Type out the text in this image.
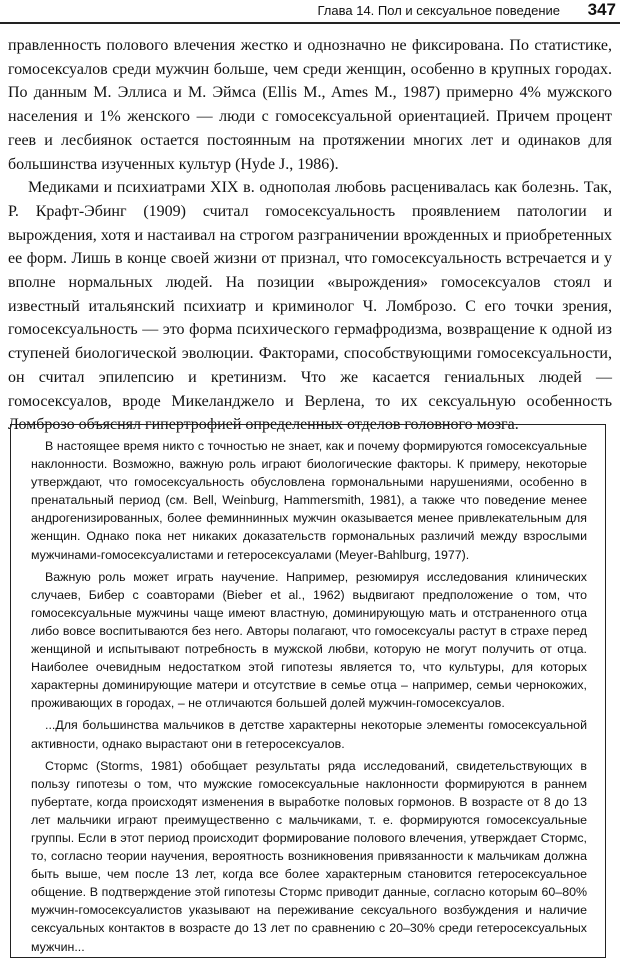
Глава 14. Пол и сексуальное поведение 347

правленность полового влечения жестко и однозначно не фиксирована. По статистике, гомосексуалов среди мужчин больше, чем среди женщин, особенно в крупных городах. По данным М. Эллиса и М. Эймса (Ellis M., Ames M., 1987) примерно 4% мужского населения и 1% женского — люди с гомосексуальной ориентацией. Причем процент геев и лесбиянок остается постоянным на протяжении многих лет и одинаков для большинства изученных культур (Hyde J., 1986).

Медиками и психиатрами XIX в. однополая любовь расценивалась как болезнь. Так, Р. Крафт-Эбинг (1909) считал гомосексуальность проявлением патологии и вырождения, хотя и настаивал на строгом разграничении врожденных и приобретенных ее форм. Лишь в конце своей жизни от признал, что гомосексуальность встречается и у вполне нормальных людей. На позиции «вырождения» гомосексуалов стоял и известный итальянский психиатр и криминолог Ч. Ломброзо. С его точки зрения, гомосексуальность — это форма психического гермафродизма, возвращение к одной из ступеней биологической эволюции. Факторами, способствующими гомосексуальности, он считал эпилепсию и кретинизм. Что же касается гениальных людей — гомосексуалов, вроде Микеланджело и Верлена, то их сексуальную особенность Ломброзо объяснял гипертрофией определенных отделов головного мозга.

В настоящее время никто с точностью не знает, как и почему формируются гомосексуальные наклонности. Возможно, важную роль играют биологические факторы. К примеру, некоторые утверждают, что гомосексуальность обусловлена гормональными нарушениями, особенно в пренатальный период (см. Bell, Weinburg, Hammersmith, 1981), а также что поведение менее андрогенизированных, более феминнинных мужчин оказывается менее привлекательным для женщин. Однако пока нет никаких доказательств гормональных различий между взрослыми мужчинами-гомосексуалистами и гетеросексуалами (Meyer-Bahlburg, 1977).

Важную роль может играть научение. Например, резюмируя исследования клинических случаев, Бибер с соавторами (Bieber et al., 1962) выдвигают предположение о том, что гомосексуальные мужчины чаще имеют властную, доминирующую мать и отстраненного отца либо вовсе воспитываются без него. Авторы полагают, что гомосексуалы растут в страхе перед женщиной и испытывают потребность в мужской любви, которую не могут получить от отца. Наиболее очевидным недостатком этой гипотезы является то, что культуры, для которых характерны доминирующие матери и отсутствие в семье отца – например, семьи чернокожих, проживающих в городах, – не отличаются большей долей мужчин-гомосексуалов.

...Для большинства мальчиков в детстве характерны некоторые элементы гомосексуальной активности, однако вырастают они в гетеросексуалов.

Стормс (Storms, 1981) обобщает результаты ряда исследований, свидетельствующих в пользу гипотезы о том, что мужские гомосексуальные наклонности формируются в раннем пубертате, когда происходят изменения в выработке половых гормонов. В возрасте от 8 до 13 лет мальчики играют преимущественно с мальчиками, т. е. формируются гомосексуальные группы. Если в этот период происходит формирование полового влечения, утверждает Стормс, то, согласно теории научения, вероятность возникновения привязанности к мальчикам должна быть выше, чем после 13 лет, когда все более характерным становится гетеросексуальное общение. В подтверждение этой гипотезы Стормс приводит данные, согласно которым 60–80% мужчин-гомосексуалистов указывают на переживание сексуального возбуждения и наличие сексуальных контактов в возрасте до 13 лет по сравнению с 20–30% среди гетеросексуальных мужчин...
